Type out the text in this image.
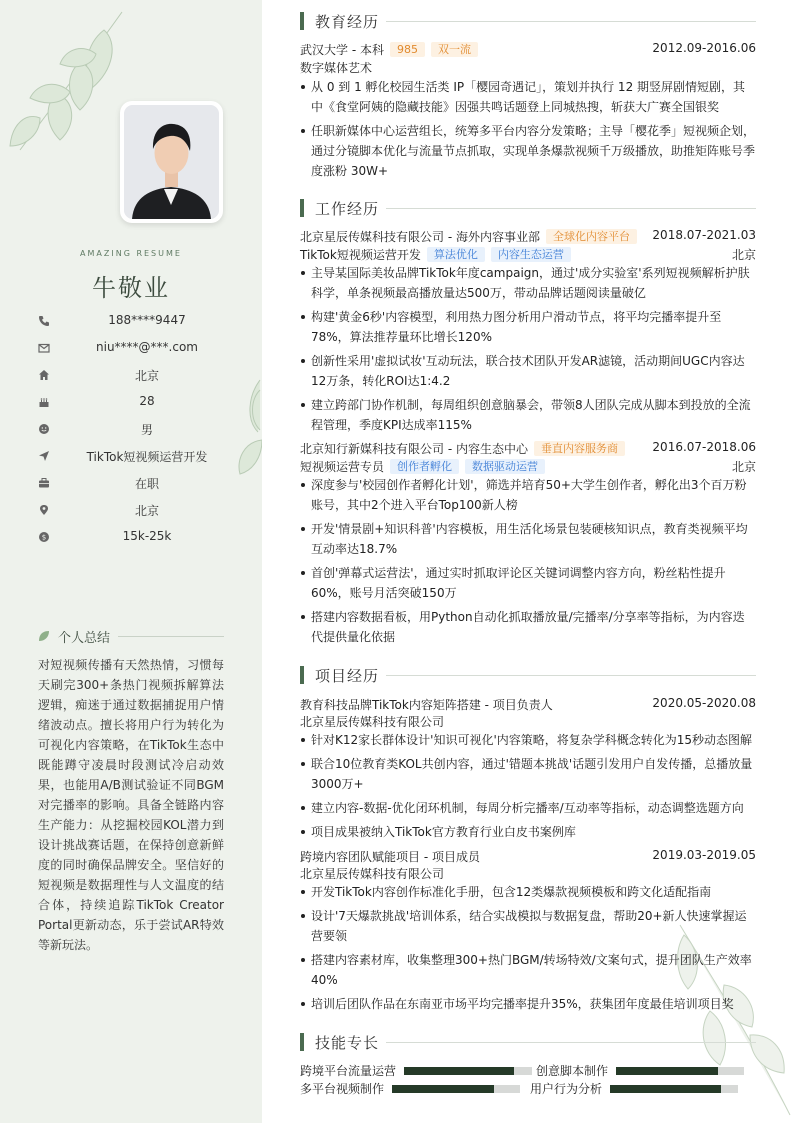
AMAZING RESUME
牛敬业
188****9447
niu****@***.com
北京
28
男
TikTok短视频运营开发
在职
北京
$	15k-25k
个人总结
对短视频传播有天然热情，习惯每天刷完300+条热门视频拆解算法逻辑，痴迷于通过数据捕捉用户情绪波动点。擅长将用户行为转化为可视化内容策略，在TikTok生态中既能蹲守凌晨时段测试冷启动效果，也能用A/B测试验证不同BGM对完播率的影响。具备全链路内容生产能力：从挖掘校园KOL潜力到设计挑战赛话题，在保持创意新鲜度的同时确保品牌安全。坚信好的短视频是数据理性与人文温度的结合体，持续追踪TikTok Creator Portal更新动态，乐于尝试AR特效等新玩法。
教育经历
武汉大学 - 本科 985 双一流	2012.09-2016.06
数字媒体艺术
从 0 到 1 孵化校园生活类 IP「樱园奇遇记」，策划并执行 12 期竖屏剧情短剧，其中《食堂阿姨的隐藏技能》因强共鸣话题登上同城热搜，斩获大广赛全国银奖
任职新媒体中心运营组长，统筹多平台内容分发策略；主导「樱花季」短视频企划，通过分镜脚本优化与流量节点抓取，实现单条爆款视频千万级播放，助推矩阵账号季度涨粉 30W+
工作经历
北京星辰传媒科技有限公司 - 海外内容事业部 全球化内容平台	2018.07-2021.03
TikTok短视频运营开发 算法优化 内容生态运营	北京
主导某国际美妆品牌TikTok年度campaign，通过'成分实验室'系列短视频解析护肤科学，单条视频最高播放量达500万，带动品牌话题阅读量破亿
构建'黄金6秒'内容模型，利用热力图分析用户滑动节点，将平均完播率提升至78%，算法推荐量环比增长120%
创新性采用'虚拟试妆'互动玩法，联合技术团队开发AR滤镜，活动期间UGC内容达12万条，转化ROI达1:4.2
建立跨部门协作机制，每周组织创意脑暴会，带领8人团队完成从脚本到投放的全流程管理，季度KPI达成率115%
北京知行新媒科技有限公司 - 内容生态中心 垂直内容服务商	2016.07-2018.06
短视频运营专员 创作者孵化 数据驱动运营	北京
深度参与'校园创作者孵化计划'，筛选并培育50+大学生创作者，孵化出3个百万粉账号，其中2个进入平台Top100新人榜
开发'情景剧+知识科普'内容模板，用生活化场景包装硬核知识点，教育类视频平均互动率达18.7%
首创'弹幕式运营法'，通过实时抓取评论区关键词调整内容方向，粉丝粘性提升60%，账号月活突破150万
搭建内容数据看板，用Python自动化抓取播放量/完播率/分享率等指标，为内容迭代提供量化依据
项目经历
教育科技品牌TikTok内容矩阵搭建 - 项目负责人	2020.05-2020.08
北京星辰传媒科技有限公司
针对K12家长群体设计'知识可视化'内容策略，将复杂学科概念转化为15秒动态图解
联合10位教育类KOL共创内容，通过'错题本挑战'话题引发用户自发传播，总播放量3000万+
建立内容-数据-优化闭环机制，每周分析完播率/互动率等指标，动态调整选题方向
项目成果被纳入TikTok官方教育行业白皮书案例库
跨境内容团队赋能项目 - 项目成员	2019.03-2019.05
北京星辰传媒科技有限公司
开发TikTok内容创作标准化手册，包含12类爆款视频模板和跨文化适配指南
设计'7天爆款挑战'培训体系，结合实战模拟与数据复盘，帮助20+新人快速掌握运营要领
搭建内容素材库，收集整理300+热门BGM/转场特效/文案句式，提升团队生产效率40%
培训后团队作品在东南亚市场平均完播率提升35%，获集团年度最佳培训项目奖
技能专长
跨境平台流量运营	创意脚本制作
多平台视频制作	用户行为分析
